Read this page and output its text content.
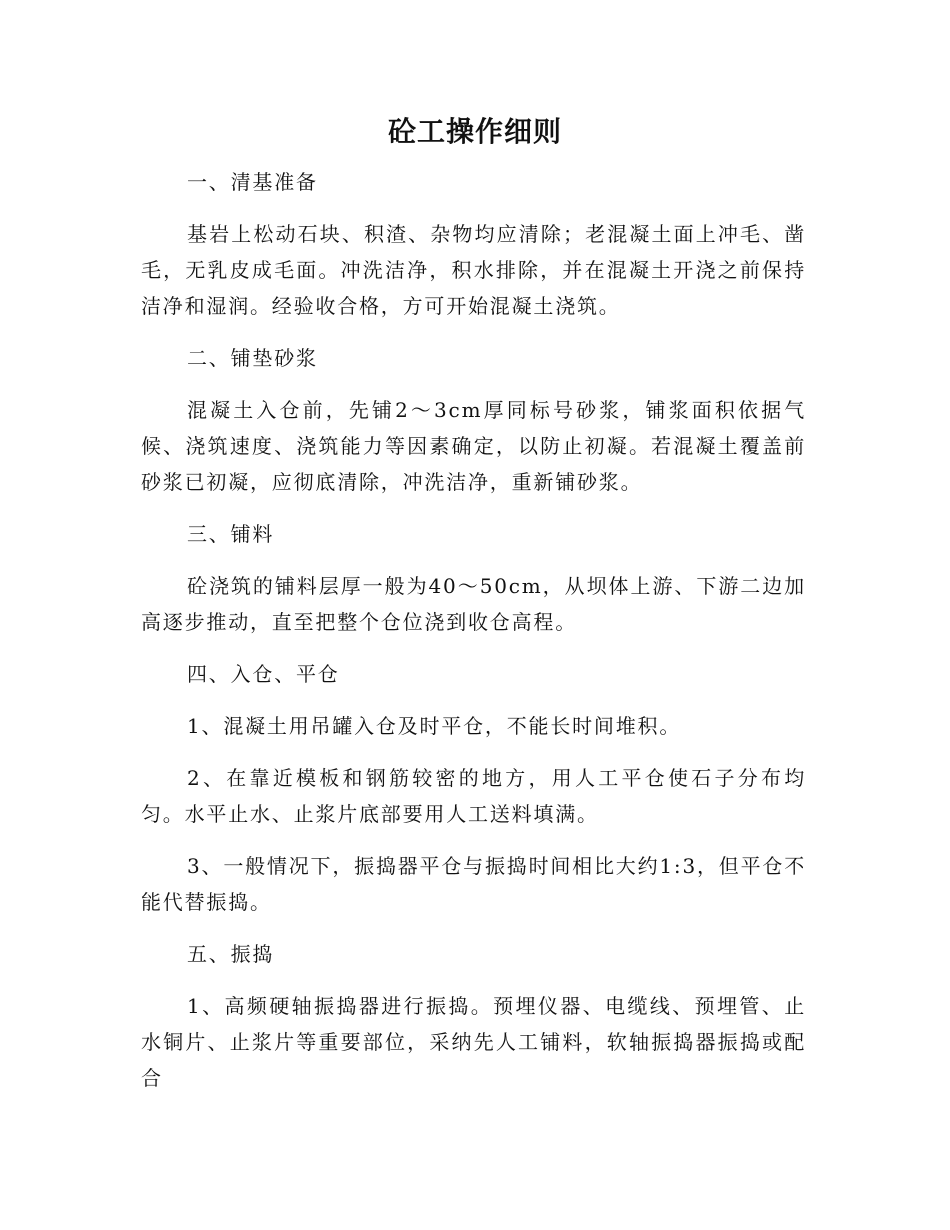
砼工操作细则
一、清基准备

基岩上松动石块、积渣、杂物均应清除；老混凝土面上冲毛、凿毛，无乳皮成毛面。冲洗洁净，积水排除，并在混凝土开浇之前保持洁净和湿润。经验收合格，方可开始混凝土浇筑。

二、铺垫砂浆

混凝土入仓前，先铺2～3cm厚同标号砂浆，铺浆面积依据气候、浇筑速度、浇筑能力等因素确定，以防止初凝。若混凝土覆盖前砂浆已初凝，应彻底清除，冲洗洁净，重新铺砂浆。

三、铺料

砼浇筑的铺料层厚一般为40～50cm，从坝体上游、下游二边加高逐步推动，直至把整个仓位浇到收仓高程。

四、入仓、平仓

1、混凝土用吊罐入仓及时平仓，不能长时间堆积。

2、在靠近模板和钢筋较密的地方，用人工平仓使石子分布均匀。水平止水、止浆片底部要用人工送料填满。

3、一般情况下，振捣器平仓与振捣时间相比大约1:3，但平仓不能代替振捣。

五、振捣

1、高频硬轴振捣器进行振捣。预埋仪器、电缆线、预埋管、止水铜片、止浆片等重要部位，采纳先人工铺料，软轴振捣器振捣或配合
